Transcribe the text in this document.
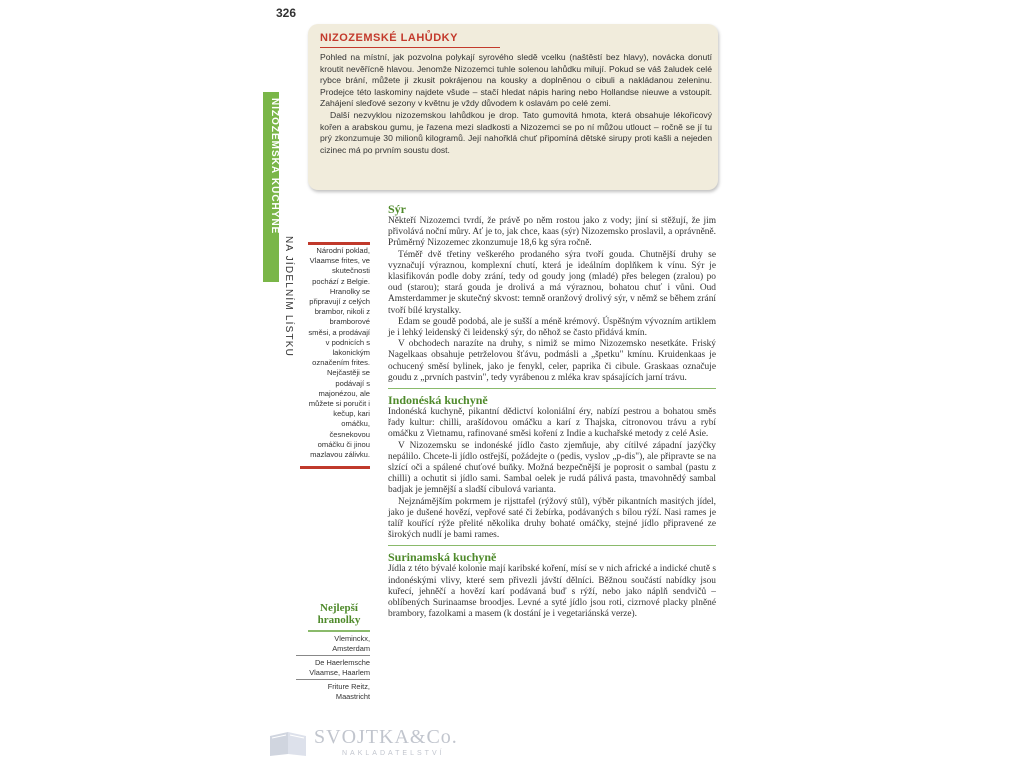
326
NIZOZEMSKÉ LAHŮDKY

Pohled na místní, jak pozvolna polykají syrového sledě vcelku (naštěstí bez hlavy), novácka donutí kroutit nevěřícně hlavou. Jenomže Nizozemci tuhle solenou lahůdku milují. Pokud se váš žaludek celé rybce brání, můžete ji zkusit pokrájenou na kousky a doplněnou o cibuli a nakládanou zeleninu. Prodejce této laskominy najdete všude – stačí hledat nápis haring nebo Hollandse nieuwe a vstoupit. Zahájení sleďové sezony v květnu je vždy důvodem k oslavám po celé zemi.

Další nezvyklou nizozemskou lahůdkou je drop. Tato gumovitá hmota, která obsahuje lékořicový kořen a arabskou gumu, je řazena mezi sladkosti a Nizozemci se po ní můžou utlouct – ročně se jí tu prý zkonzumuje 30 milionů kilogramů. Její nahořklá chuť připomíná dětské sirupy proti kašli a nejeden cizinec má po prvním soustu dost.

NIZOZEMSKÁ KUCHYNĚ
NA JÍDELNÍM LÍSTKU	Národní poklad, Vlaamse frites, ve skutečnosti pochází z Belgie. Hranolky se připravují z celých brambor, nikoli z bramborové směsi, a prodávají v podnicích s lakonickým označením frites. Nejčastěji se podávají s majonézou, ale můžete si poručit i kečup, kari omáčku, česnekovou omáčku či jinou mazlavou zálivku.
Sýr

Někteří Nizozemci tvrdí, že právě po něm rostou jako z vody; jiní si stěžují, že jim přivolává noční můry. Ať je to, jak chce, kaas (sýr) Nizozemsko proslavil, a oprávněně. Průměrný Nizozemec zkonzumuje 18,6 kg sýra ročně.

Téměř dvě třetiny veškerého prodaného sýra tvoří gouda. Chutnější druhy se vyznačují výraznou, komplexní chutí, která je ideálním doplňkem k vínu. Sýr je klasifikován podle doby zrání, tedy od goudy jong (mladé) přes belegen (zralou) po oud (starou); stará gouda je drolivá a má výraznou, bohatou chuť i vůni. Oud Amsterdammer je skutečný skvost: temně oranžový drolivý sýr, v němž se během zrání tvoří bílé krystalky.

Edam se goudě podobá, ale je sušší a méně krémový. Úspěšným vývozním artiklem je i lehký leidenský či leidenský sýr, do něhož se často přidává kmín.

V obchodech narazíte na druhy, s nimiž se mimo Nizozemsko nesetkáte. Friský Nagelkaas obsahuje petrželovou šťávu, podmásli a „špetku" kmínu. Kruidenkaas je ochucený směsí bylinek, jako je fenykl, celer, paprika či cibule. Graskaas označuje goudu z „prvních pastvin", tedy vyrábenou z mléka krav spásajících jarní trávu.

Indonéská kuchyně

Indonéská kuchyně, pikantní dědictví koloniální éry, nabízí pestrou a bohatou směs řady kultur: chilli, arašídovou omáčku a karí z Thajska, citronovou trávu a rybí omáčku z Vietnamu, rafinované směsi koření z Indie a kuchařské metody z celé Asie.

V Nizozemsku se indonéské jídlo často zjemňuje, aby cítilvé západní jazýčky nepálilo. Chcete-li jídlo ostřejší, požádejte o (pedis, vyslov „p-dis"), ale připravte se na slzící oči a spálené chuťové buňky. Možná bezpečnější je poprosit o sambal (pastu z chilli) a ochutit si jídlo sami. Sambal oelek je rudá pálivá pasta, tmavohnědý sambal badjak je jemnější a sladší cibulová varianta.

Nejznámějším pokrmem je rijsttafel (rýžový stůl), výběr pikantních masitých jídel, jako je dušené hovězí, vepřové saté či žebírka, podávaných s bílou rýží. Nasi rames je talíř kouřící rýže přelité několika druhy bohaté omáčky, stejné jídlo připravené ze širokých nudlí je bami rames.

Surinamská kuchyně

Jídla z této bývalé kolonie mají karibské koření, mísí se v nich africké a indické chutě s indonéskými vlivy, které sem přivezli jávští dělníci. Běžnou součástí nabídky jsou kuřecí, jehněčí a hovězí karí podávaná buď s rýží, nebo jako náplň sendvičů – oblíbených Surinaamse broodjes. Levné a syté jídlo jsou roti, cizrnové placky plněné brambory, fazolkami a masem (k dostání je i vegetariánská verze).

Nejlepší hranolky
Vleminckx, Amsterdam
De Haerlemsche Vlaamse, Haarlem
Friture Reitz, Maastricht
SVOJTKA&Co.
NAKLADATELSTVÍ
